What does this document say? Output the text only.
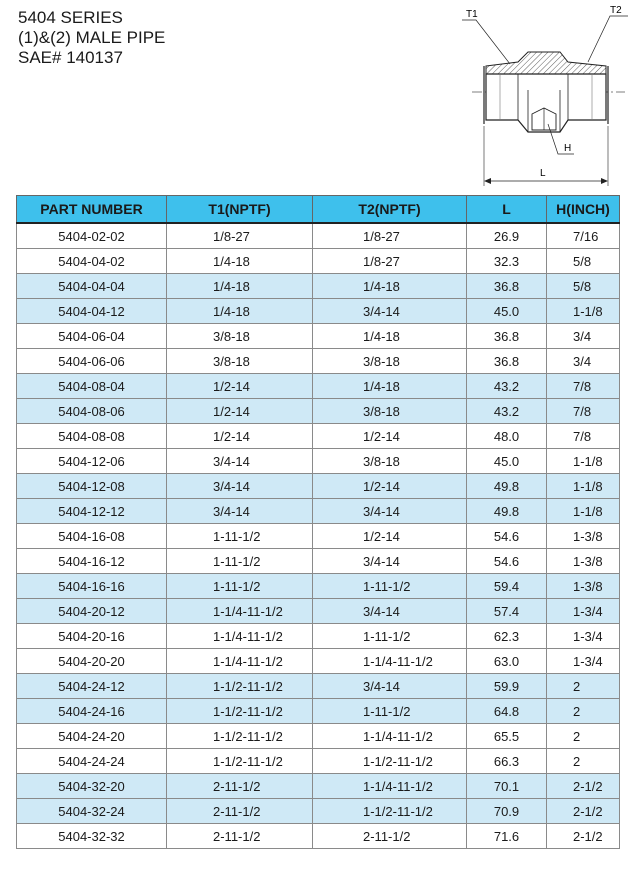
5404 SERIES
(1)&(2) MALE PIPE
SAE# 140137
T1	T2
H
L
PART NUMBER	T1(NPTF)	T2(NPTF)	L	H(INCH)
5404-02-02	1/8-27	1/8-27	26.9	7/16
5404-04-02	1/4-18	1/8-27	32.3	5/8
5404-04-04	1/4-18	1/4-18	36.8	5/8
5404-04-12	1/4-18	3/4-14	45.0	1-1/8
5404-06-04	3/8-18	1/4-18	36.8	3/4
5404-06-06	3/8-18	3/8-18	36.8	3/4
5404-08-04	1/2-14	1/4-18	43.2	7/8
5404-08-06	1/2-14	3/8-18	43.2	7/8
5404-08-08	1/2-14	1/2-14	48.0	7/8
5404-12-06	3/4-14	3/8-18	45.0	1-1/8
5404-12-08	3/4-14	1/2-14	49.8	1-1/8
5404-12-12	3/4-14	3/4-14	49.8	1-1/8
5404-16-08	1-11-1/2	1/2-14	54.6	1-3/8
5404-16-12	1-11-1/2	3/4-14	54.6	1-3/8
5404-16-16	1-11-1/2	1-11-1/2	59.4	1-3/8
5404-20-12	1-1/4-11-1/2	3/4-14	57.4	1-3/4
5404-20-16	1-1/4-11-1/2	1-11-1/2	62.3	1-3/4
5404-20-20	1-1/4-11-1/2	1-1/4-11-1/2	63.0	1-3/4
5404-24-12	1-1/2-11-1/2	3/4-14	59.9	2
5404-24-16	1-1/2-11-1/2	1-11-1/2	64.8	2
5404-24-20	1-1/2-11-1/2	1-1/4-11-1/2	65.5	2
5404-24-24	1-1/2-11-1/2	1-1/2-11-1/2	66.3	2
5404-32-20	2-11-1/2	1-1/4-11-1/2	70.1	2-1/2
5404-32-24	2-11-1/2	1-1/2-11-1/2	70.9	2-1/2
5404-32-32	2-11-1/2	2-11-1/2	71.6	2-1/2
